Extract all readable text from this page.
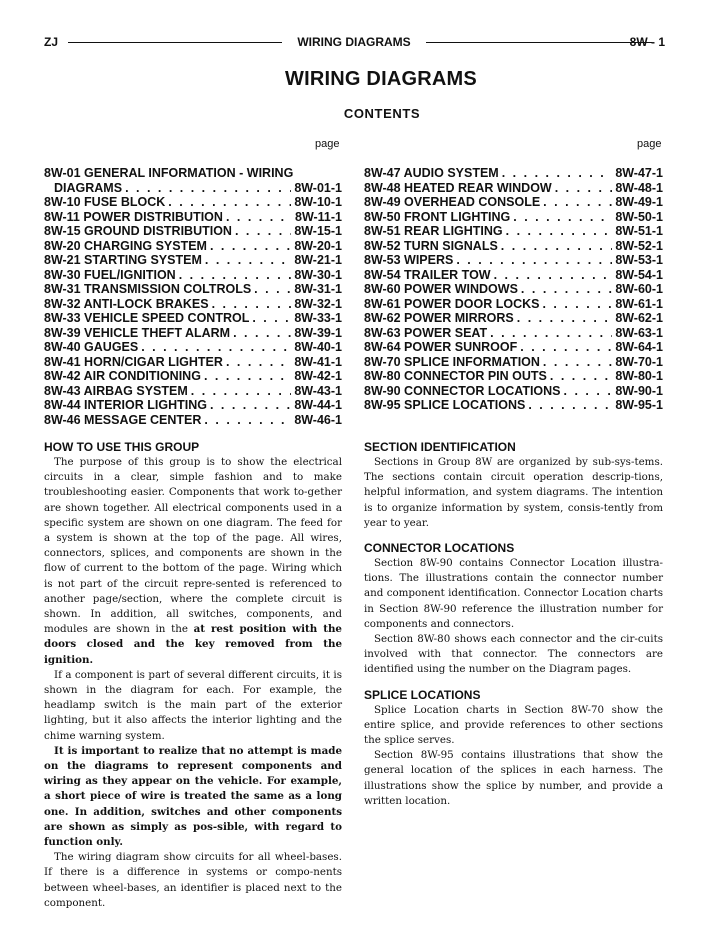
ZJ	WIRING DIAGRAMS	8W - 1
WIRING DIAGRAMS
CONTENTS
page	page
8W-01 GENERAL INFORMATION - WIRING
DIAGRAMS . . .	8W-01-1
8W-10 FUSE BLOCK . . .	8W-10-1
8W-11 POWER DISTRIBUTION . . .	8W-11-1
8W-15 GROUND DISTRIBUTION . . .	8W-15-1
8W-20 CHARGING SYSTEM . . .	8W-20-1
8W-21 STARTING SYSTEM . . .	8W-21-1
8W-30 FUEL/IGNITION . . .	8W-30-1
8W-31 TRANSMISSION COLTROLS . . .	8W-31-1
8W-32 ANTI-LOCK BRAKES . . .	8W-32-1
8W-33 VEHICLE SPEED CONTROL . . .	8W-33-1
8W-39 VEHICLE THEFT ALARM . . .	8W-39-1
8W-40 GAUGES . . .	8W-40-1
8W-41 HORN/CIGAR LIGHTER . . .	8W-41-1
8W-42 AIR CONDITIONING . . .	8W-42-1
8W-43 AIRBAG SYSTEM . . .	8W-43-1
8W-44 INTERIOR LIGHTING . . .	8W-44-1
8W-46 MESSAGE CENTER . . .	8W-46-1
8W-47 AUDIO SYSTEM . . .	8W-47-1
8W-48 HEATED REAR WINDOW . . .	8W-48-1
8W-49 OVERHEAD CONSOLE . . .	8W-49-1
8W-50 FRONT LIGHTING . . .	8W-50-1
8W-51 REAR LIGHTING . . .	8W-51-1
8W-52 TURN SIGNALS . . .	8W-52-1
8W-53 WIPERS . . .	8W-53-1
8W-54 TRAILER TOW . . .	8W-54-1
8W-60 POWER WINDOWS . . .	8W-60-1
8W-61 POWER DOOR LOCKS . . .	8W-61-1
8W-62 POWER MIRRORS . . .	8W-62-1
8W-63 POWER SEAT . . .	8W-63-1
8W-64 POWER SUNROOF . . .	8W-64-1
8W-70 SPLICE INFORMATION . . .	8W-70-1
8W-80 CONNECTOR PIN OUTS . . .	8W-80-1
8W-90 CONNECTOR LOCATIONS . . .	8W-90-1
8W-95 SPLICE LOCATIONS . . .	8W-95-1
HOW TO USE THIS GROUP

The purpose of this group is to show the electrical circuits in a clear, simple fashion and to make troubleshooting easier. Components that work to-gether are shown together. All electrical components used in a specific system are shown on one diagram. The feed for a system is shown at the top of the page. All wires, connectors, splices, and components are shown in the flow of current to the bottom of the page. Wiring which is not part of the circuit repre-sented is referenced to another page/section, where the complete circuit is shown. In addition, all switches, components, and modules are shown in the at rest position with the doors closed and the key removed from the ignition.

If a component is part of several different circuits, it is shown in the diagram for each. For example, the headlamp switch is the main part of the exterior lighting, but it also affects the interior lighting and the chime warning system.

It is important to realize that no attempt is made on the diagrams to represent components and wiring as they appear on the vehicle. For example, a short piece of wire is treated the same as a long one. In addition, switches and other components are shown as simply as pos-sible, with regard to function only.

The wiring diagram show circuits for all wheel-bases. If there is a difference in systems or compo-nents between wheel-bases, an identifier is placed next to the component.

SECTION IDENTIFICATION

Sections in Group 8W are organized by sub-sys-tems. The sections contain circuit operation descrip-tions, helpful information, and system diagrams. The intention is to organize information by system, consis-tently from year to year.

CONNECTOR LOCATIONS

Section 8W-90 contains Connector Location illustra-tions. The illustrations contain the connector number and component identification. Connector Location charts in Section 8W-90 reference the illustration number for components and connectors.

Section 8W-80 shows each connector and the cir-cuits involved with that connector. The connectors are identified using the number on the Diagram pages.

SPLICE LOCATIONS

Splice Location charts in Section 8W-70 show the entire splice, and provide references to other sections the splice serves.

Section 8W-95 contains illustrations that show the general location of the splices in each harness. The illustrations show the splice by number, and provide a written location.
